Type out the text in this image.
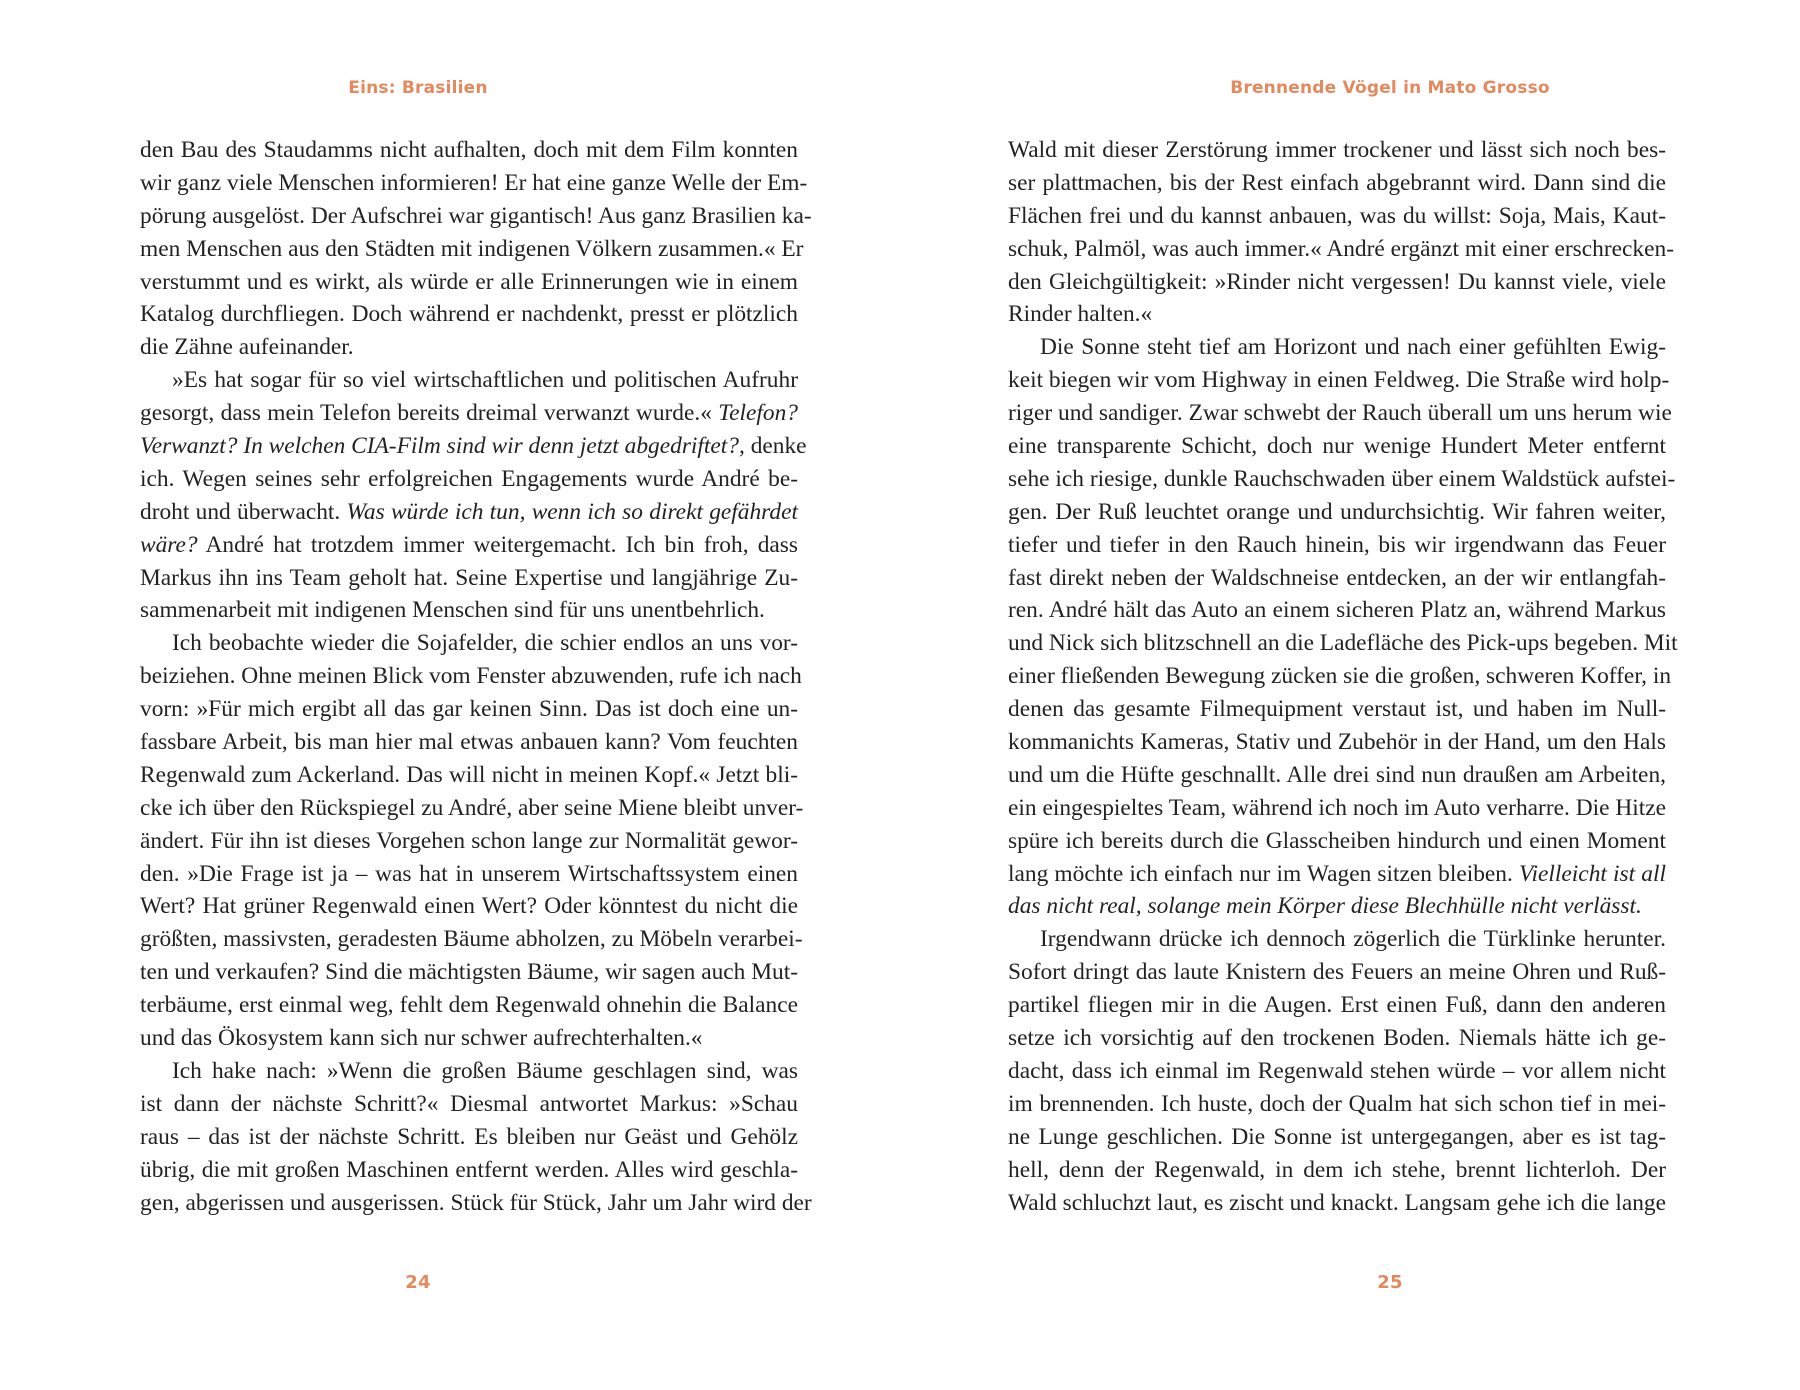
Eins: Brasilien
den Bau des Staudamms nicht aufhalten, doch mit dem Film konnten
wir ganz viele Menschen informieren! Er hat eine ganze Welle der Em-
pörung ausgelöst. Der Aufschrei war gigantisch! Aus ganz Brasilien ka-
men Menschen aus den Städten mit indigenen Völkern zusammen.« Er
verstummt und es wirkt, als würde er alle Erinnerungen wie in einem
Katalog durchfliegen. Doch während er nachdenkt, presst er plötzlich
die Zähne aufeinander.
»Es hat sogar für so viel wirtschaftlichen und politischen Aufruhr
gesorgt, dass mein Telefon bereits dreimal verwanzt wurde.« Telefon?
Verwanzt? In welchen CIA-Film sind wir denn jetzt abgedriftet?, denke
ich. Wegen seines sehr erfolgreichen Engagements wurde André be-
droht und überwacht. Was würde ich tun, wenn ich so direkt gefährdet
wäre? André hat trotzdem immer weitergemacht. Ich bin froh, dass
Markus ihn ins Team geholt hat. Seine Expertise und langjährige Zu-
sammenarbeit mit indigenen Menschen sind für uns unentbehrlich.
Ich beobachte wieder die Sojafelder, die schier endlos an uns vor-
beiziehen. Ohne meinen Blick vom Fenster abzuwenden, rufe ich nach
vorn: »Für mich ergibt all das gar keinen Sinn. Das ist doch eine un-
fassbare Arbeit, bis man hier mal etwas anbauen kann? Vom feuchten
Regenwald zum Ackerland. Das will nicht in meinen Kopf.« Jetzt bli-
cke ich über den Rückspiegel zu André, aber seine Miene bleibt unver-
ändert. Für ihn ist dieses Vorgehen schon lange zur Normalität gewor-
den. »Die Frage ist ja – was hat in unserem Wirtschaftssystem einen
Wert? Hat grüner Regenwald einen Wert? Oder könntest du nicht die
größten, massivsten, geradesten Bäume abholzen, zu Möbeln verarbei-
ten und verkaufen? Sind die mächtigsten Bäume, wir sagen auch Mut-
terbäume, erst einmal weg, fehlt dem Regenwald ohnehin die Balance
und das Ökosystem kann sich nur schwer aufrechterhalten.«
Ich hake nach: »Wenn die großen Bäume geschlagen sind, was
ist dann der nächste Schritt?« Diesmal antwortet Markus: »Schau
raus – das ist der nächste Schritt. Es bleiben nur Geäst und Gehölz
übrig, die mit großen Maschinen entfernt werden. Alles wird geschla-
gen, abgerissen und ausgerissen. Stück für Stück, Jahr um Jahr wird der
24
Brennende Vögel in Mato Grosso
Wald mit dieser Zerstörung immer trockener und lässt sich noch bes-
ser plattmachen, bis der Rest einfach abgebrannt wird. Dann sind die
Flächen frei und du kannst anbauen, was du willst: Soja, Mais, Kaut-
schuk, Palmöl, was auch immer.« André ergänzt mit einer erschrecken-
den Gleichgültigkeit: »Rinder nicht vergessen! Du kannst viele, viele
Rinder halten.«
Die Sonne steht tief am Horizont und nach einer gefühlten Ewig-
keit biegen wir vom Highway in einen Feldweg. Die Straße wird holp-
riger und sandiger. Zwar schwebt der Rauch überall um uns herum wie
eine transparente Schicht, doch nur wenige Hundert Meter entfernt
sehe ich riesige, dunkle Rauchschwaden über einem Waldstück aufstei-
gen. Der Ruß leuchtet orange und undurchsichtig. Wir fahren weiter,
tiefer und tiefer in den Rauch hinein, bis wir irgendwann das Feuer
fast direkt neben der Waldschneise entdecken, an der wir entlangfah-
ren. André hält das Auto an einem sicheren Platz an, während Markus
und Nick sich blitzschnell an die Ladefläche des Pick-ups begeben. Mit
einer fließenden Bewegung zücken sie die großen, schweren Koffer, in
denen das gesamte Filmequipment verstaut ist, und haben im Null-
kommanichts Kameras, Stativ und Zubehör in der Hand, um den Hals
und um die Hüfte geschnallt. Alle drei sind nun draußen am Arbeiten,
ein eingespieltes Team, während ich noch im Auto verharre. Die Hitze
spüre ich bereits durch die Glasscheiben hindurch und einen Moment
lang möchte ich einfach nur im Wagen sitzen bleiben. Vielleicht ist all
das nicht real, solange mein Körper diese Blechhülle nicht verlässt.
Irgendwann drücke ich dennoch zögerlich die Türklinke herunter.
Sofort dringt das laute Knistern des Feuers an meine Ohren und Ruß-
partikel fliegen mir in die Augen. Erst einen Fuß, dann den anderen
setze ich vorsichtig auf den trockenen Boden. Niemals hätte ich ge-
dacht, dass ich einmal im Regenwald stehen würde – vor allem nicht
im brennenden. Ich huste, doch der Qualm hat sich schon tief in mei-
ne Lunge geschlichen. Die Sonne ist untergegangen, aber es ist tag-
hell, denn der Regenwald, in dem ich stehe, brennt lichterloh. Der
Wald schluchzt laut, es zischt und knackt. Langsam gehe ich die lange
25
